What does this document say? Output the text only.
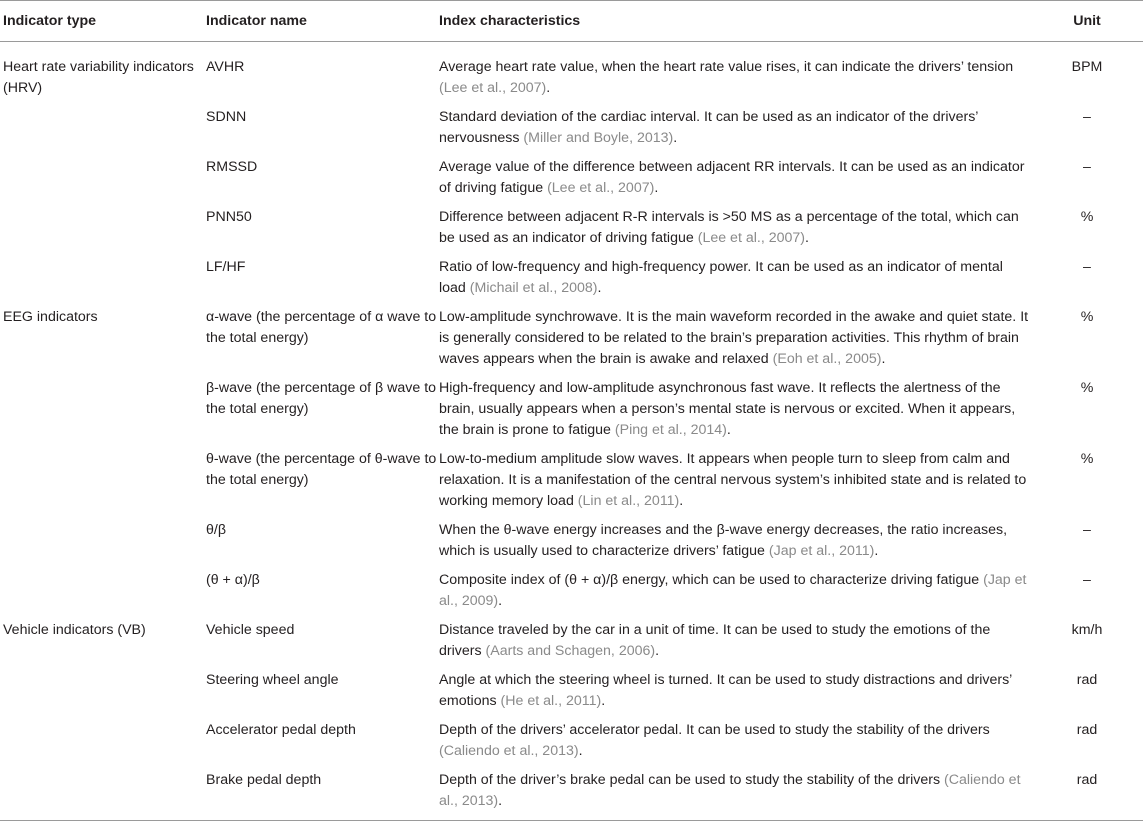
Indicator type	Indicator name	Index characteristics	Unit
Heart rate variability indicators (HRV)	AVHR	Average heart rate value, when the heart rate value rises, it can indicate the drivers’ tension (Lee et al., 2007).	BPM
	SDNN	Standard deviation of the cardiac interval. It can be used as an indicator of the drivers’ nervousness (Miller and Boyle, 2013).	–
	RMSSD	Average value of the difference between adjacent RR intervals. It can be used as an indicator of driving fatigue (Lee et al., 2007).	–
	PNN50	Difference between adjacent R-R intervals is >50 MS as a percentage of the total, which can be used as an indicator of driving fatigue (Lee et al., 2007).	%
	LF/HF	Ratio of low-frequency and high-frequency power. It can be used as an indicator of mental load (Michail et al., 2008).	–
EEG indicators	α-wave (the percentage of α wave to the total energy)	Low-amplitude synchrowave. It is the main waveform recorded in the awake and quiet state. It is generally considered to be related to the brain’s preparation activities. This rhythm of brain waves appears when the brain is awake and relaxed (Eoh et al., 2005).	%
	β-wave (the percentage of β wave to the total energy)	High-frequency and low-amplitude asynchronous fast wave. It reflects the alertness of the brain, usually appears when a person’s mental state is nervous or excited. When it appears, the brain is prone to fatigue (Ping et al., 2014).	%
	θ-wave (the percentage of θ-wave to the total energy)	Low-to-medium amplitude slow waves. It appears when people turn to sleep from calm and relaxation. It is a manifestation of the central nervous system’s inhibited state and is related to working memory load (Lin et al., 2011).	%
	θ/β	When the θ-wave energy increases and the β-wave energy decreases, the ratio increases, which is usually used to characterize drivers’ fatigue (Jap et al., 2011).	–
	(θ + α)/β	Composite index of (θ + α)/β energy, which can be used to characterize driving fatigue (Jap et al., 2009).	–
Vehicle indicators (VB)	Vehicle speed	Distance traveled by the car in a unit of time. It can be used to study the emotions of the drivers (Aarts and Schagen, 2006).	km/h
	Steering wheel angle	Angle at which the steering wheel is turned. It can be used to study distractions and drivers’ emotions (He et al., 2011).	rad
	Accelerator pedal depth	Depth of the drivers’ accelerator pedal. It can be used to study the stability of the drivers (Caliendo et al., 2013).	rad
	Brake pedal depth	Depth of the driver’s brake pedal can be used to study the stability of the drivers (Caliendo et al., 2013).	rad
